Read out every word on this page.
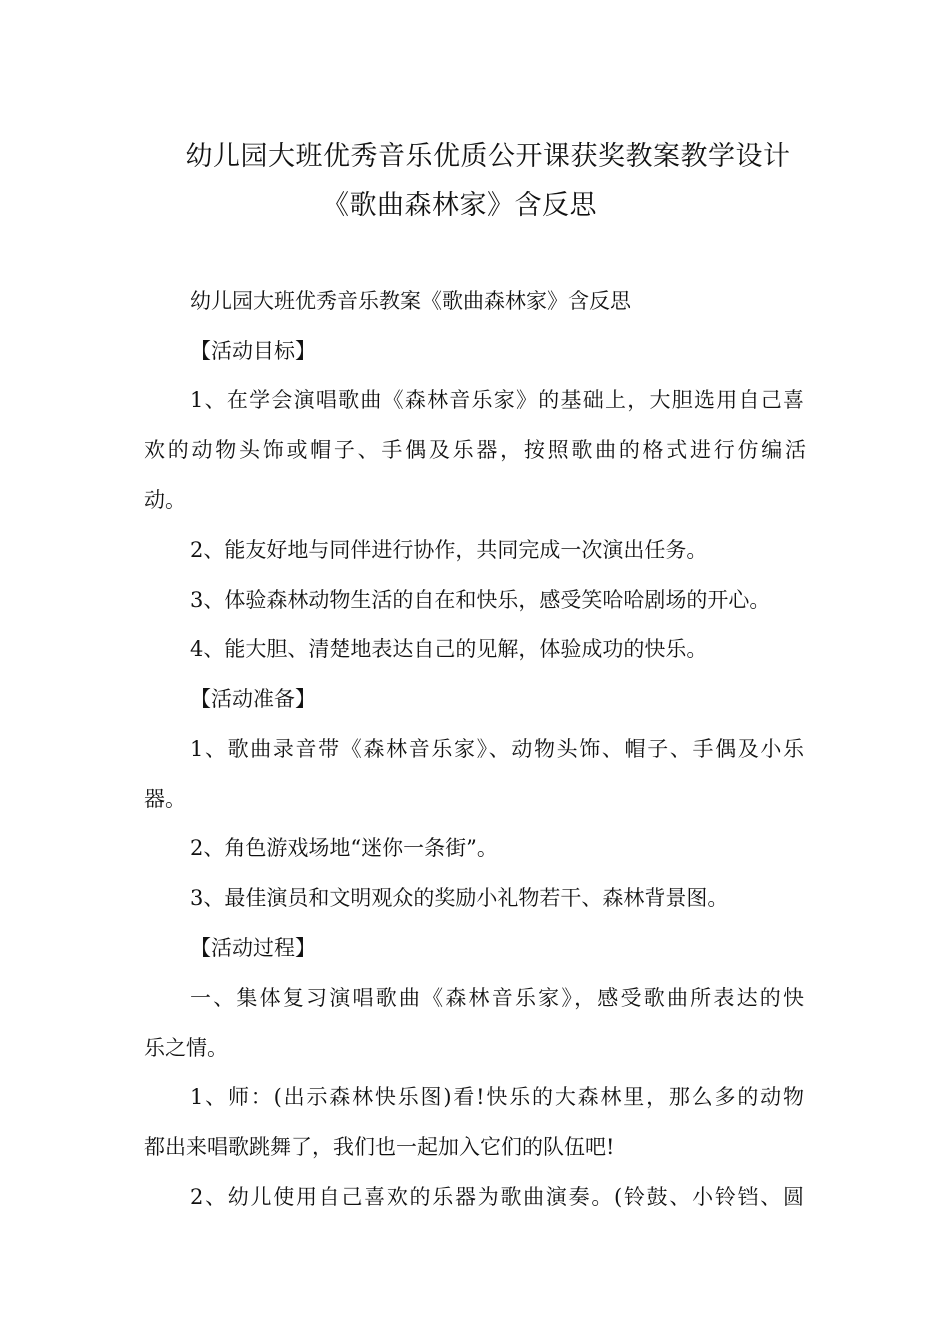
幼儿园大班优秀音乐优质公开课获奖教案教学设计
《歌曲森林家》含反思
幼儿园大班优秀音乐教案《歌曲森林家》含反思
【活动目标】
1、在学会演唱歌曲《森林音乐家》的基础上，大胆选用自己喜
欢的动物头饰或帽子、手偶及乐器，按照歌曲的格式进行仿编活
动。
2、能友好地与同伴进行协作，共同完成一次演出任务。
3、体验森林动物生活的自在和快乐，感受笑哈哈剧场的开心。
4、能大胆、清楚地表达自己的见解，体验成功的快乐。
【活动准备】
1、歌曲录音带《森林音乐家》、动物头饰、帽子、手偶及小乐
器。
2、角色游戏场地“迷你一条街”。
3、最佳演员和文明观众的奖励小礼物若干、森林背景图。
【活动过程】
一、集体复习演唱歌曲《森林音乐家》，感受歌曲所表达的快
乐之情。
1、师：(出示森林快乐图)看!快乐的大森林里，那么多的动物
都出来唱歌跳舞了，我们也一起加入它们的队伍吧!
2、幼儿使用自己喜欢的乐器为歌曲演奏。(铃鼓、小铃铛、圆
